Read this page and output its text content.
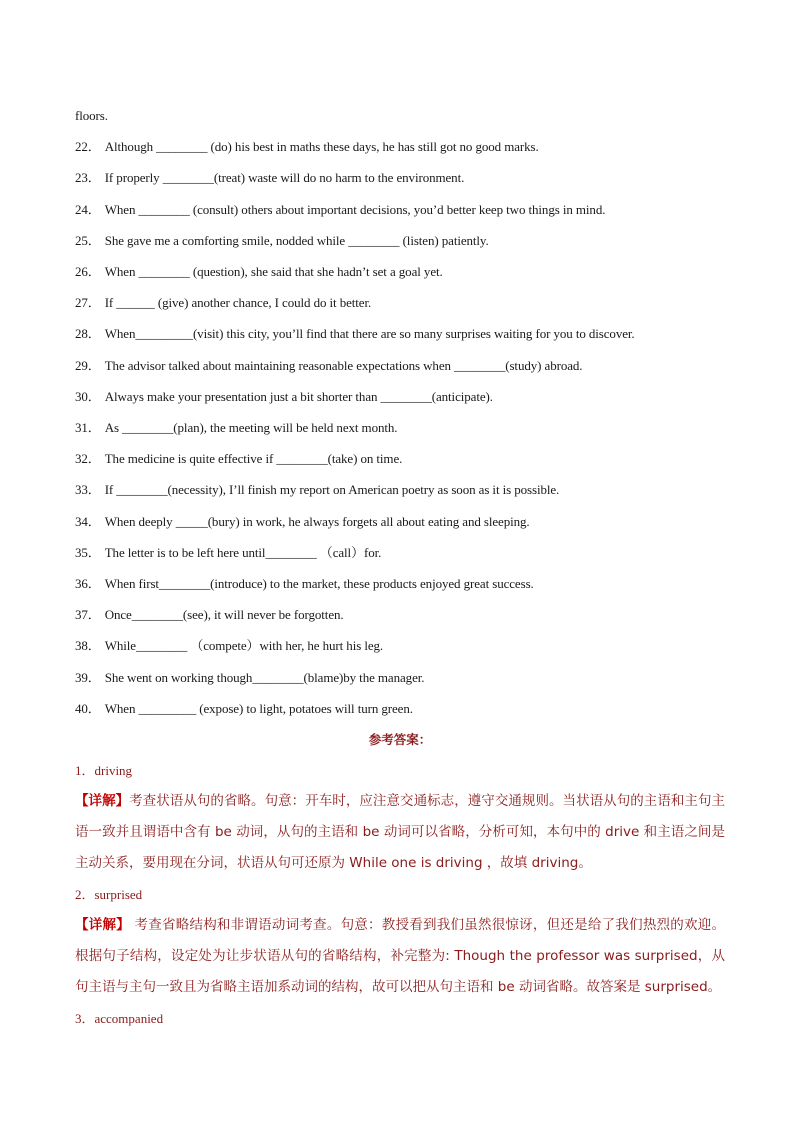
floors.
22． Although ________ (do) his best in maths these days, he has still got no good marks.
23． If properly ________(treat) waste will do no harm to the environment.
24． When ________ (consult) others about important decisions, you’d better keep two things in mind.
25． She gave me a comforting smile, nodded while ________ (listen) patiently.
26． When ________ (question), she said that she hadn’t set a goal yet.
27． If ______ (give) another chance, I could do it better.
28． When_________(visit) this city, you’ll find that there are so many surprises waiting for you to discover.
29． The advisor talked about maintaining reasonable expectations when ________(study) abroad.
30． Always make your presentation just a bit shorter than ________(anticipate).
31． As ________(plan), the meeting will be held next month.
32． The medicine is quite effective if ________(take) on time.
33． If ________(necessity), I’ll finish my report on American poetry as soon as it is possible.
34． When deeply _____(bury) in work, he always forgets all about eating and sleeping.
35． The letter is to be left here until________ （call）for.
36． When first________(introduce) to the market, these products enjoyed great success.
37． Once________(see), it will never be forgotten.
38． While________ （compete）with her, he hurt his leg.
39． She went on working though________(blame)by the manager.
40． When _________ (expose) to light, potatoes will turn green.
参考答案：
1．driving
【详解】考查状语从句的省略。句意：开车时，应注意交通标志，遵守交通规则。当状语从句的主语和主句主语一致并且谓语中含有 be 动词，从句的主语和 be 动词可以省略，分析可知，本句中的 drive 和主语之间是主动关系，要用现在分词，状语从句可还原为 While one is driving ，故填 driving。
2．surprised
【详解】 考查省略结构和非谓语动词考查。句意：教授看到我们虽然很惊讶，但还是给了我们热烈的欢迎。根据句子结构，设定处为让步状语从句的省略结构，补完整为: Though the professor was surprised，从句主语与主句一致且为省略主语加系动词的结构，故可以把从句主语和 be 动词省略。故答案是 surprised。
3．accompanied
